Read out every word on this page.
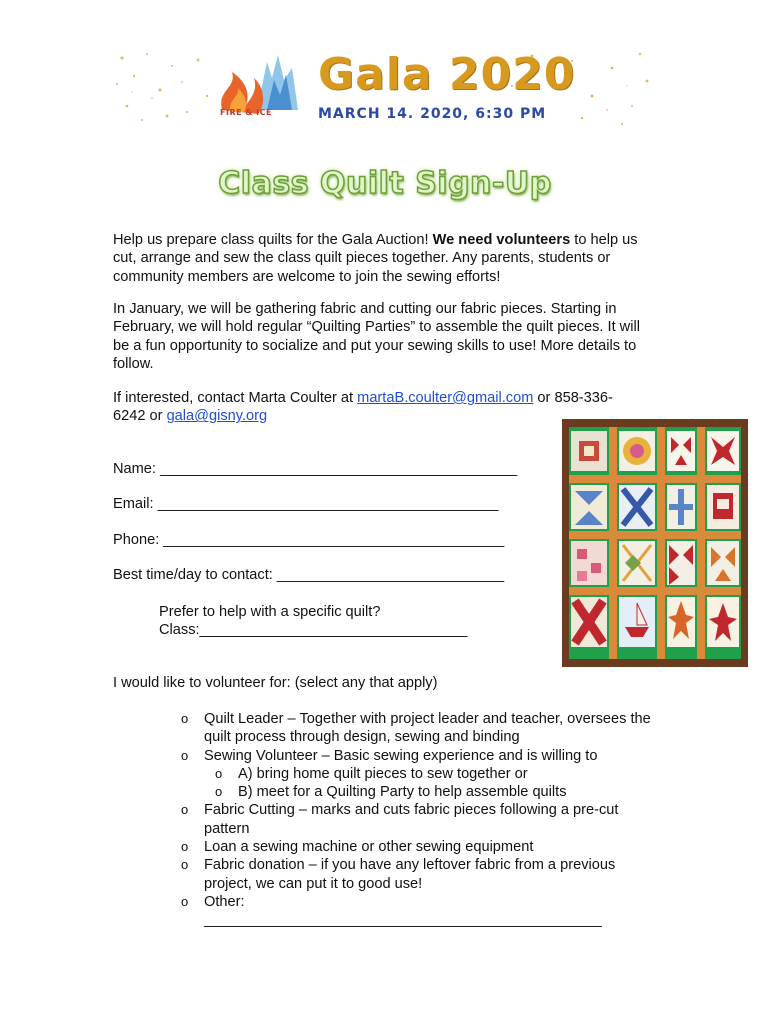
FIRE & ICE
Gala 2020
MARCH 14. 2020, 6:30 PM
Class Quilt Sign-Up
Help us prepare class quilts for the Gala Auction! We need volunteers to help us cut, arrange and sew the class quilt pieces together. Any parents, students or community members are welcome to join the sewing efforts!
In January, we will be gathering fabric and cutting our fabric pieces. Starting in February, we will hold regular “Quilting Parties” to assemble the quilt pieces. It will be a fun opportunity to socialize and put your sewing skills to use! More details to follow.
If interested, contact Marta Coulter at martaB.coulter@gmail.com or 858-336-6242 or gala@gisny.org
Name: ____________________________________________
Email: __________________________________________
Phone: __________________________________________
Best time/day to contact: ____________________________
Prefer to help with a specific quilt?
Class:_________________________________
I would like to volunteer for: (select any that apply)
o Quilt Leader – Together with project leader and teacher, oversees the quilt process through design, sewing and binding
o Sewing Volunteer – Basic sewing experience and is willing to
o A) bring home quilt pieces to sew together or
o B) meet for a Quilting Party to help assemble quilts
o Fabric Cutting – marks and cuts fabric pieces following a pre-cut pattern
o Loan a sewing machine or other sewing equipment
o Fabric donation – if you have any leftover fabric from a previous project, we can put it to good use!
o Other:
_________________________________________________
